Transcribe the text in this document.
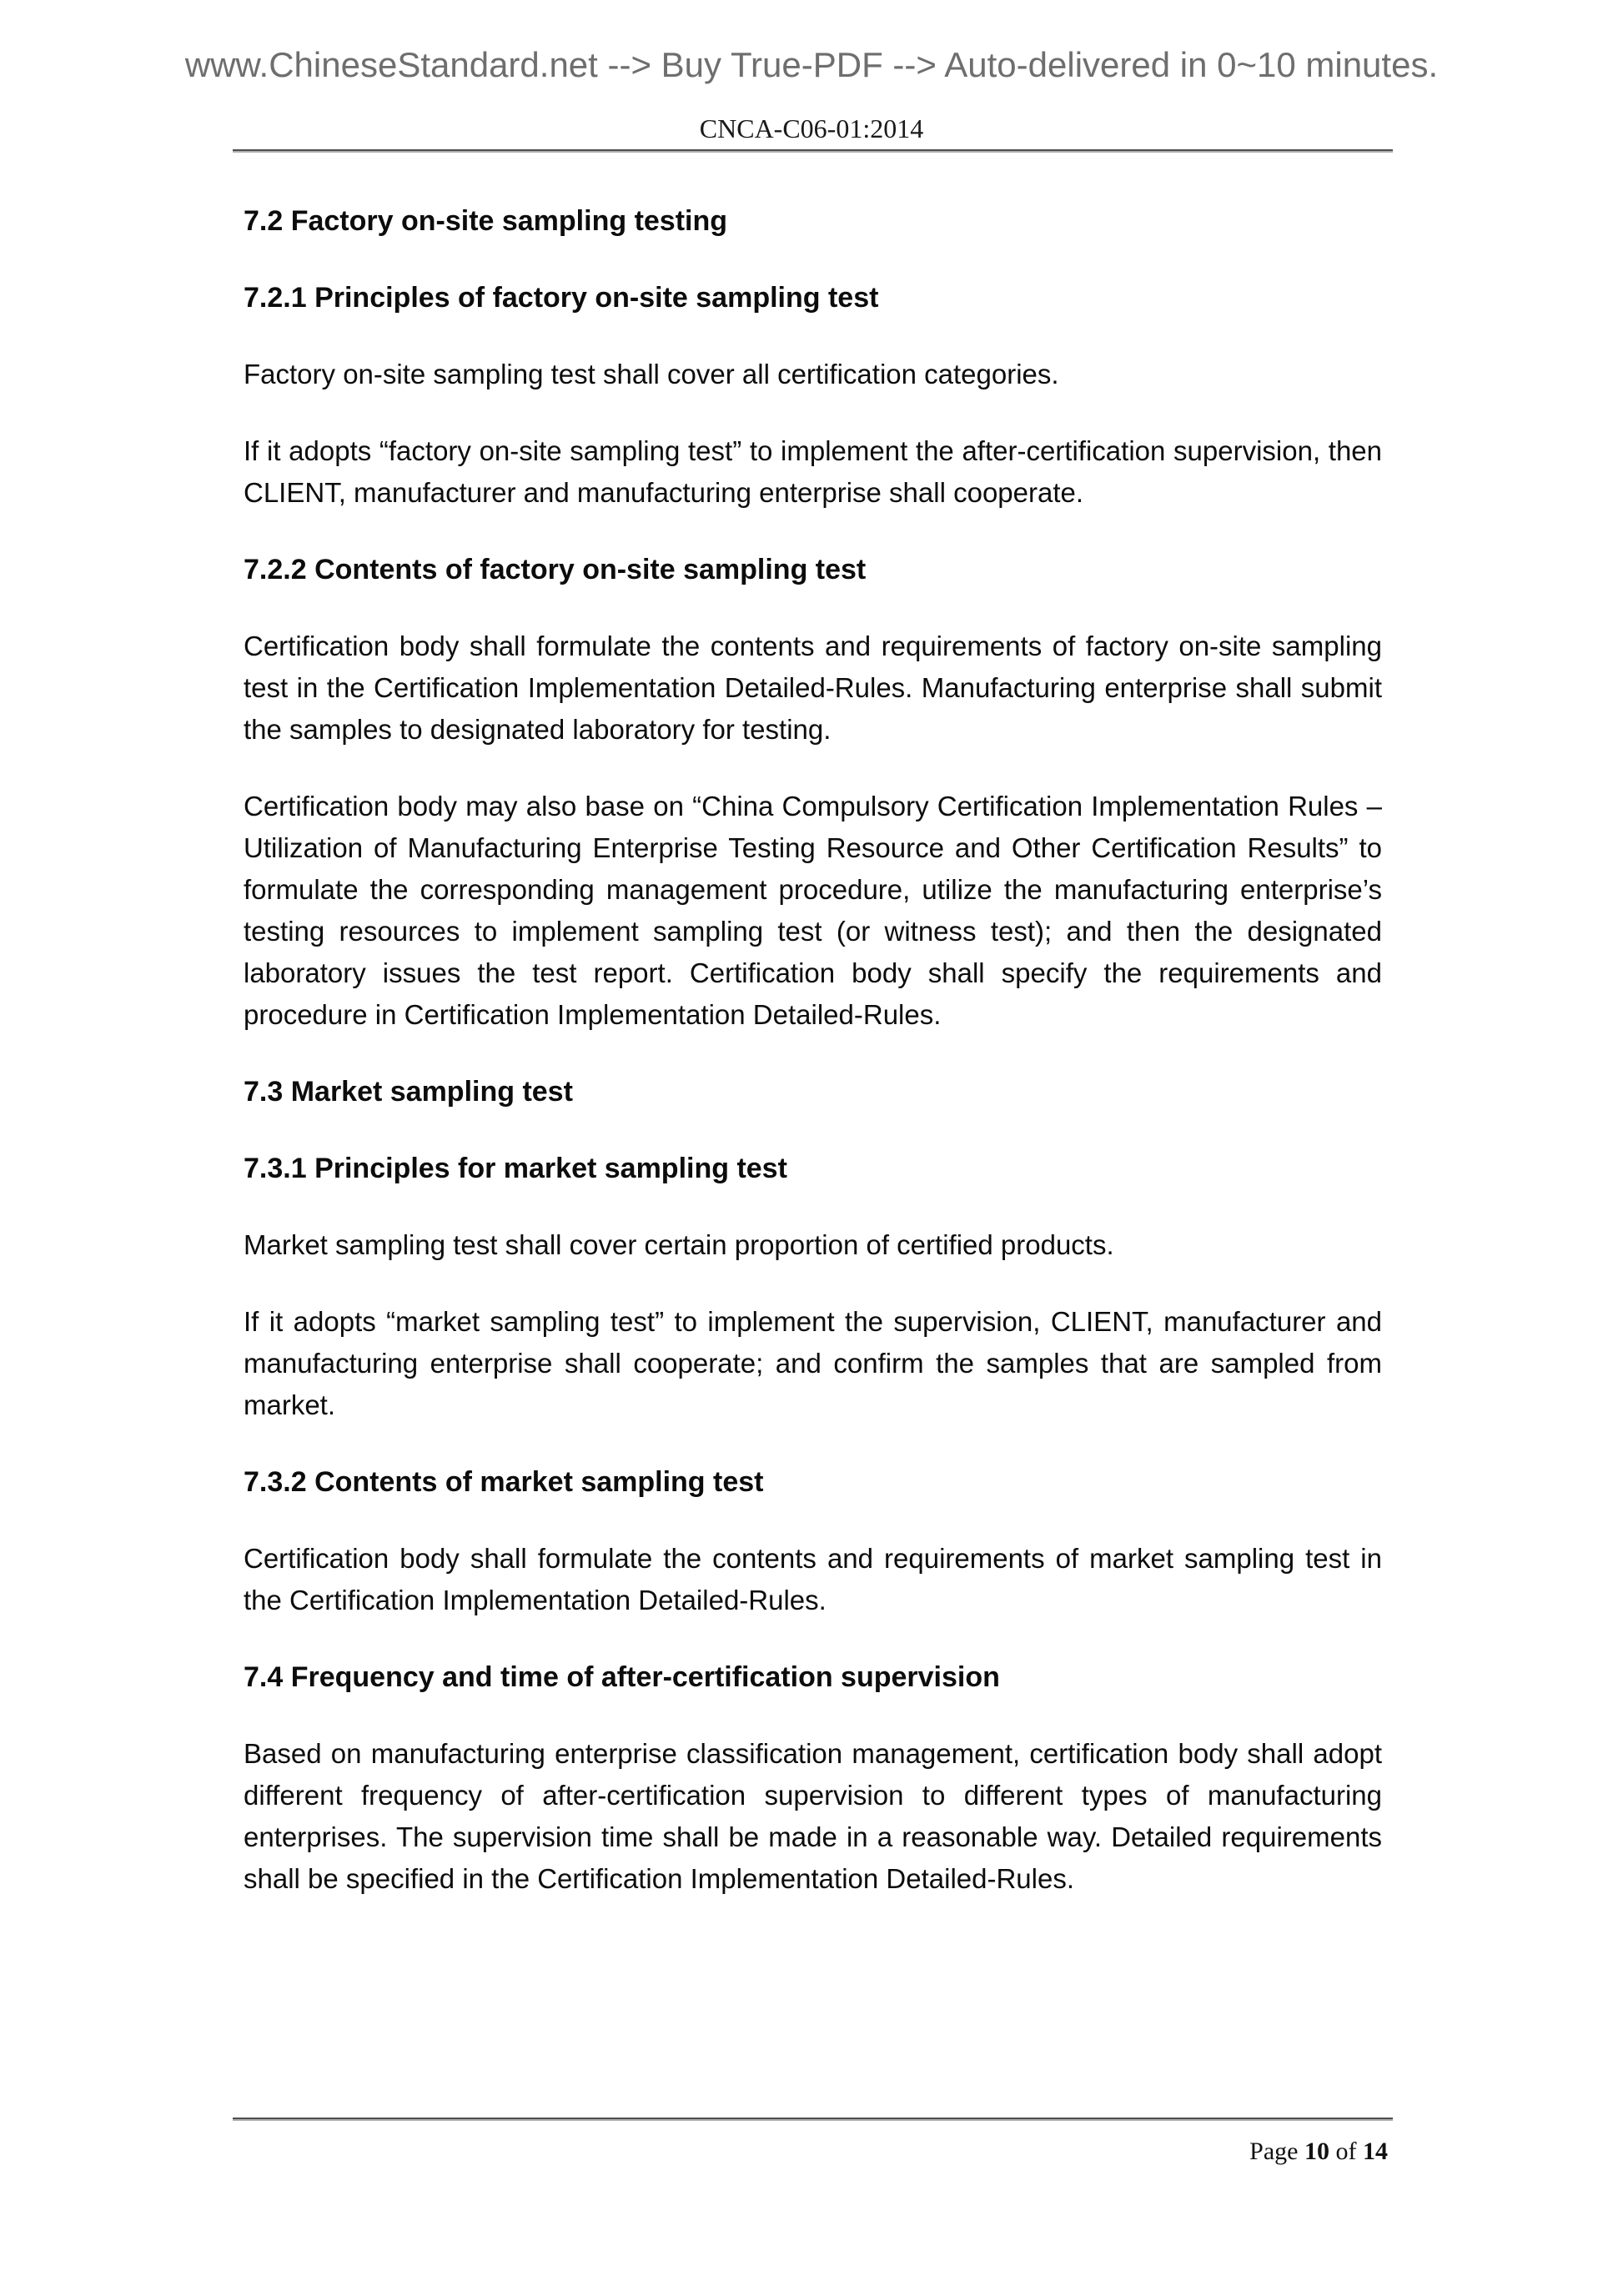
www.ChineseStandard.net --> Buy True-PDF --> Auto-delivered in 0~10 minutes.
CNCA-C06-01:2014
7.2 Factory on-site sampling testing
7.2.1 Principles of factory on-site sampling test
Factory on-site sampling test shall cover all certification categories.
If it adopts “factory on-site sampling test” to implement the after-certification supervision, then CLIENT, manufacturer and manufacturing enterprise shall cooperate.
7.2.2 Contents of factory on-site sampling test
Certification body shall formulate the contents and requirements of factory on-site sampling test in the Certification Implementation Detailed-Rules. Manufacturing enterprise shall submit the samples to designated laboratory for testing.
Certification body may also base on “China Compulsory Certification Implementation Rules – Utilization of Manufacturing Enterprise Testing Resource and Other Certification Results” to formulate the corresponding management procedure, utilize the manufacturing enterprise’s testing resources to implement sampling test (or witness test); and then the designated laboratory issues the test report. Certification body shall specify the requirements and procedure in Certification Implementation Detailed-Rules.
7.3 Market sampling test
7.3.1 Principles for market sampling test
Market sampling test shall cover certain proportion of certified products.
If it adopts “market sampling test” to implement the supervision, CLIENT, manufacturer and manufacturing enterprise shall cooperate; and confirm the samples that are sampled from market.
7.3.2 Contents of market sampling test
Certification body shall formulate the contents and requirements of market sampling test in the Certification Implementation Detailed-Rules.
7.4 Frequency and time of after-certification supervision
Based on manufacturing enterprise classification management, certification body shall adopt different frequency of after-certification supervision to different types of manufacturing enterprises. The supervision time shall be made in a reasonable way. Detailed requirements shall be specified in the Certification Implementation Detailed-Rules.
Page 10 of 14
